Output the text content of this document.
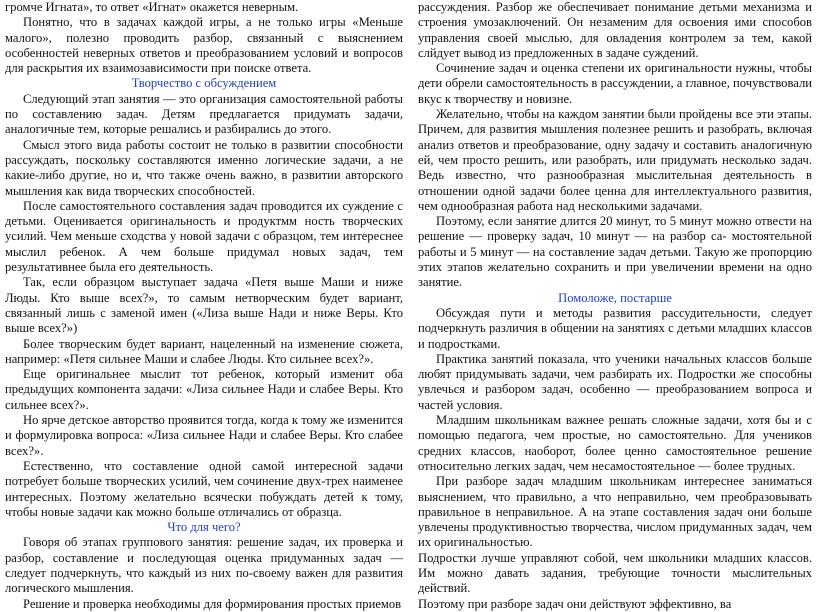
громче Игната», то ответ «Игнат» окажется неверным.

Понятно, что в задачах каждой игры, а не только игры «Меньше малого», полезно проводить разбор, связанный с выяснением особенностей неверных ответов и преобразованием условий и вопросов для раскрытия их взаимозависимости при поиске ответа.

Творчество с обсуждением

Следующий этап занятия — это организация самостоятельной работы по составлению задач. Детям предлагается придумать задачи, аналогичные тем, которые решались и разбирались до этого.

Смысл этого вида работы состоит не только в развитии способности рассуждать, поскольку составляются именно логические задачи, а не какие-либо другие, но и, что также очень важно, в развитии авторского мышления как вида творческих способностей.

После самостоятельного составления задач проводится их суждение с детьми. Оценивается оригинальность и продуктмм ность творческих усилий. Чем меньше сходства у новой задачи с образцом, тем интереснее мыслил ребенок. А чем больше придумал новых задач, тем результативнее была его деятельность.

Так, если образцом выступает задача «Петя выше Маши и ниже Люды. Кто выше всех?», то самым нетворческим будет вариант, связанный лишь с заменой имен («Лиза выше Нади и ниже Веры. Кто выше всех?»)

Более творческим будет вариант, нацеленный на изменение сюжета, например: «Петя сильнее Маши и слабее Люды. Кто сильнее всех?».

Еще оригинальнее мыслит тот ребенок, который изменит оба предыдущих компонента задачи: «Лиза сильнее Нади и слабее Веры. Кто сильнее всех?».

Но ярче детское авторство проявится тогда, когда к тому же изменится и формулировка вопроса: «Лиза сильнее Нади и слабее Веры. Кто слабее всех?».

Естественно, что составление одной самой интересной задачи потребует больше творческих усилий, чем сочинение двух-трех наименее интересных. Поэтому желательно всячески побуждать детей к тому, чтобы новые задачи как можно больше отличались от образца.

Что для чего?

Говоря об этапах группового занятия: решение задач, их проверка и разбор, составление и последующая оценка придуманных задач — следует подчеркнуть, что каждый из них по-своему важен для развития логического мышления.

Решение и проверка необходимы для формирования простых приемов

рассуждения. Разбор же обеспечивает понимание детьми механизма и строения умозаключений. Он незаменим для освоения ими способов управления своей мыслью, для овладения контролем за тем, какой слйдует вывод из предложенных в задаче суждений.

Сочинение задач и оценка степени их оригинальности нужны, чтобы дети обрели самостоятельность в рассуждении, а главное, почувствовали вкус к творчеству и новизне.

Желательно, чтобы на каждом занятии были пройдены все эти этапы. Причем, для развития мышления полезнее решить и разобрать, включая анализ ответов и преобразование, одну задачу и составить аналогичную ей, чем просто решить, или разобрать, или придумать несколько задач. Ведь известно, что разнообразная мыслительная деятельность в отношении одной задачи более ценна для интеллектуального развития, чем однообразная работа над несколькими задачами.

Поэтому, если занятие длится 20 минут, то 5 минут можно отвести на решение — проверку задач, 10 минут — на разбор са- мостоятельной работы и 5 минут — на составление задач детьми. Такую же пропорцию этих этапов желательно сохранить и при увеличении времени на одно занятие.

Помоложе, постарше

Обсуждая пути и методы развития рассудительности, следует подчеркнуть различия в общении на занятиях с детьми младших классов и подростками.

Практика занятий показала, что ученики начальных классов больше любят придумывать задачи, чем разбирать их. Подростки же способны увлечься и разбором задач, особенно — преобразованием вопроса и частей условия.

Младшим школьникам важнее решать сложные задачи, хотя бы и с помощью педагога, чем простые, но самостоятельно. Для учеников средних классов, наоборот, более ценно самостоятельное решение относительно легких задач, чем несамостоятельное — более трудных.

При разборе задач младшим школьникам интереснее заниматься выяснением, что правильно, а что неправильно, чем преобразовывать правильное в неправильное. А на этапе составления задач они больше увлечены продуктивностью творчества, числом придуманных задач, чем их оригинальностью.

Подростки лучше управляют собой, чем школьники младших классов. Им можно давать задания, требующие точности мыслительных действий.

Поэтому при разборе задач они действуют эффективно, ва
